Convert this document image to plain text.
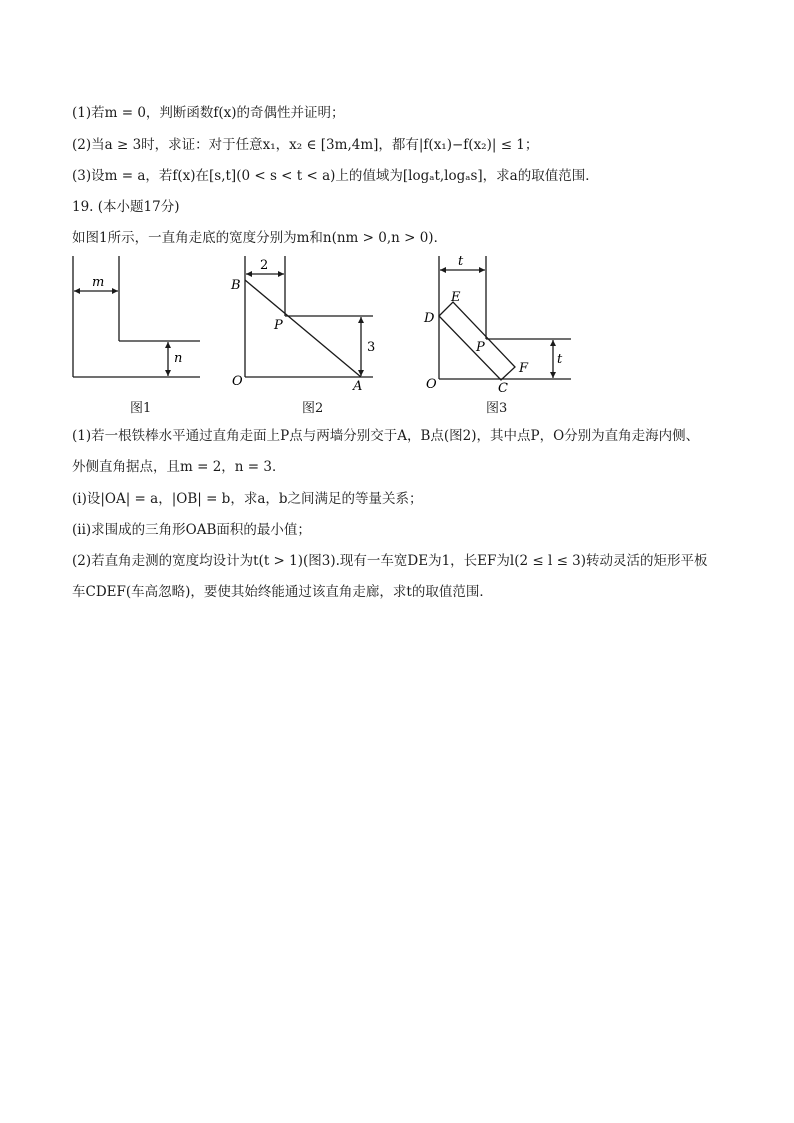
(1)若m = 0，判断函数f(x)的奇偶性并证明；
(2)当a ≥ 3时，求证：对于任意x₁，x₂ ∈ [3m,4m]，都有|f(x₁)−f(x₂)| ≤ 1；
(3)设m = a，若f(x)在[s,t](0 < s < t < a)上的值域为[logₐt,logₐs]，求a的取值范围．
19. (本小题17分)
如图1所示，一直角走底的宽度分别为m和n(nm > 0,n > 0)．
m
n
图1
2
3
B
P
O	A
图2
t
t
D
E
P
F
O	C
图3
(1)若一根铁棒水平通过直角走面上P点与两墙分别交于A，B点(图2)，其中点P，O分别为直角走海内侧、
外侧直角据点，且m = 2，n = 3．
(i)设|OA| = a，|OB| = b，求a，b之间满足的等量关系；
(ii)求围成的三角形OAB面积的最小值；
(2)若直角走测的宽度均设计为t(t > 1)(图3).现有一车宽DE为1，长EF为l(2 ≤ l ≤ 3)转动灵活的矩形平板
车CDEF(车高忽略)，要使其始终能通过该直角走廊，求t的取值范围．
